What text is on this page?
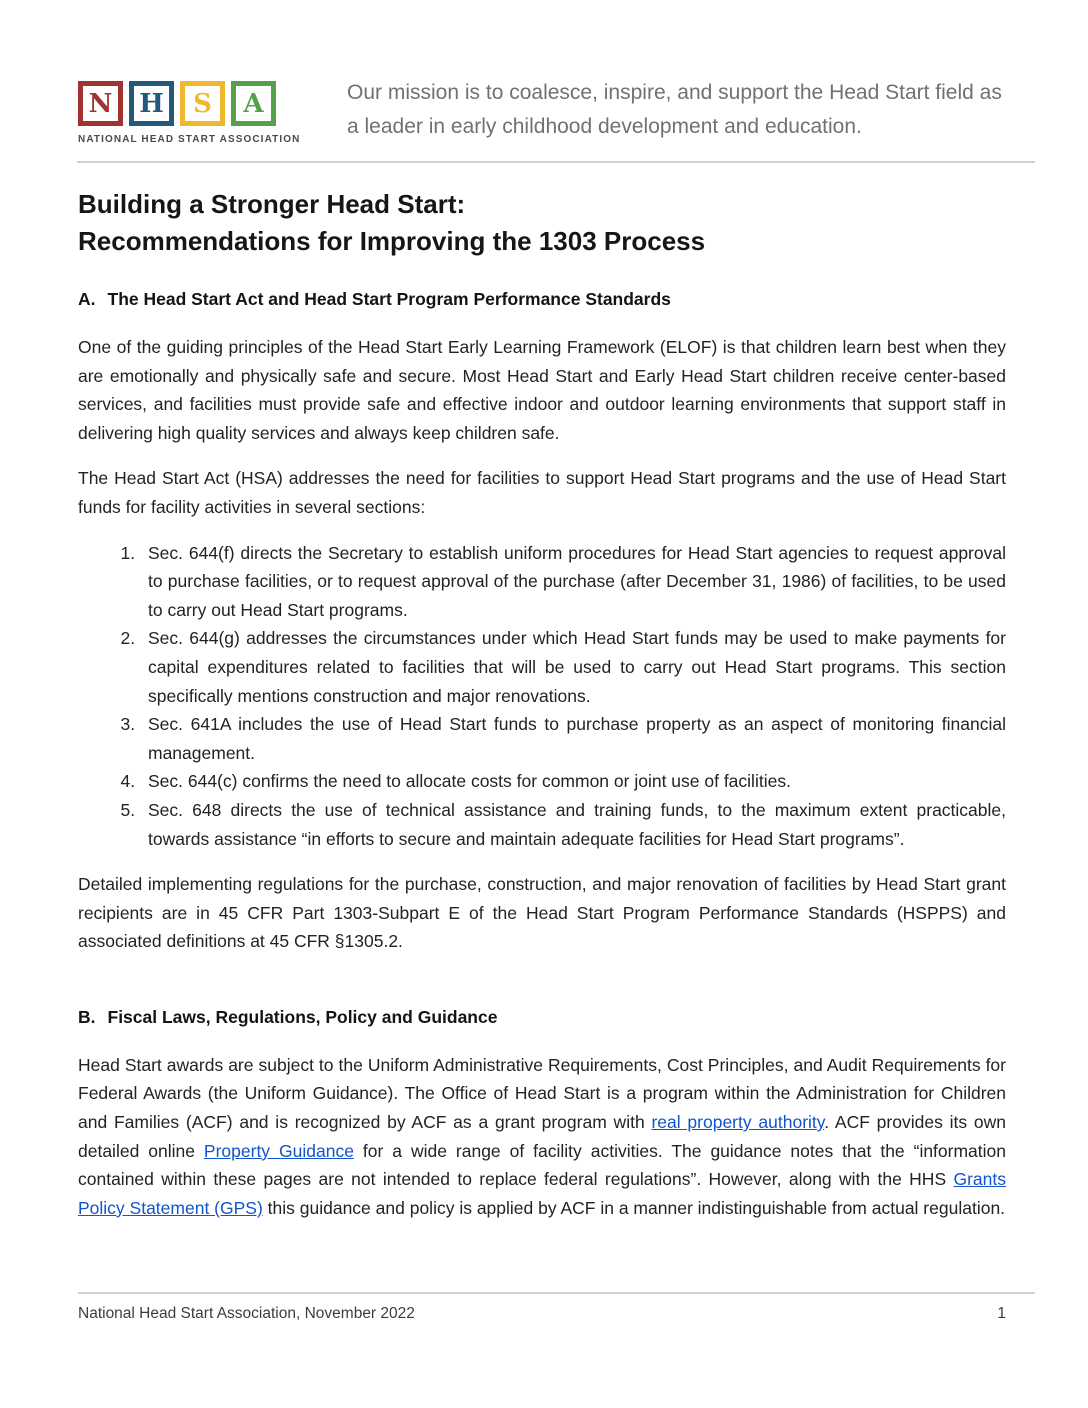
N	H	S	A
NATIONAL HEAD START ASSOCIATION
Our mission is to coalesce, inspire, and support the Head Start field as a leader in early childhood development and education.
Building a Stronger Head Start:
Recommendations for Improving the 1303 Process
A. The Head Start Act and Head Start Program Performance Standards

One of the guiding principles of the Head Start Early Learning Framework (ELOF) is that children learn best when they are emotionally and physically safe and secure. Most Head Start and Early Head Start children receive center-based services, and facilities must provide safe and effective indoor and outdoor learning environments that support staff in delivering high quality services and always keep children safe.

The Head Start Act (HSA) addresses the need for facilities to support Head Start programs and the use of Head Start funds for facility activities in several sections:

1. Sec. 644(f) directs the Secretary to establish uniform procedures for Head Start agencies to request approval to purchase facilities, or to request approval of the purchase (after December 31, 1986) of facilities, to be used to carry out Head Start programs.
2. Sec. 644(g) addresses the circumstances under which Head Start funds may be used to make payments for capital expenditures related to facilities that will be used to carry out Head Start programs. This section specifically mentions construction and major renovations.
3. Sec. 641A includes the use of Head Start funds to purchase property as an aspect of monitoring financial management.
4. Sec. 644(c) confirms the need to allocate costs for common or joint use of facilities.
5. Sec. 648 directs the use of technical assistance and training funds, to the maximum extent practicable, towards assistance “in efforts to secure and maintain adequate facilities for Head Start programs”.

Detailed implementing regulations for the purchase, construction, and major renovation of facilities by Head Start grant recipients are in 45 CFR Part 1303-Subpart E of the Head Start Program Performance Standards (HSPPS) and associated definitions at 45 CFR §1305.2.

B. Fiscal Laws, Regulations, Policy and Guidance

Head Start awards are subject to the Uniform Administrative Requirements, Cost Principles, and Audit Requirements for Federal Awards (the Uniform Guidance). The Office of Head Start is a program within the Administration for Children and Families (ACF) and is recognized by ACF as a grant program with real property authority. ACF provides its own detailed online Property Guidance for a wide range of facility activities. The guidance notes that the “information contained within these pages are not intended to replace federal regulations”. However, along with the HHS Grants Policy Statement (GPS) this guidance and policy is applied by ACF in a manner indistinguishable from actual regulation.

National Head Start Association, November 2022	1
